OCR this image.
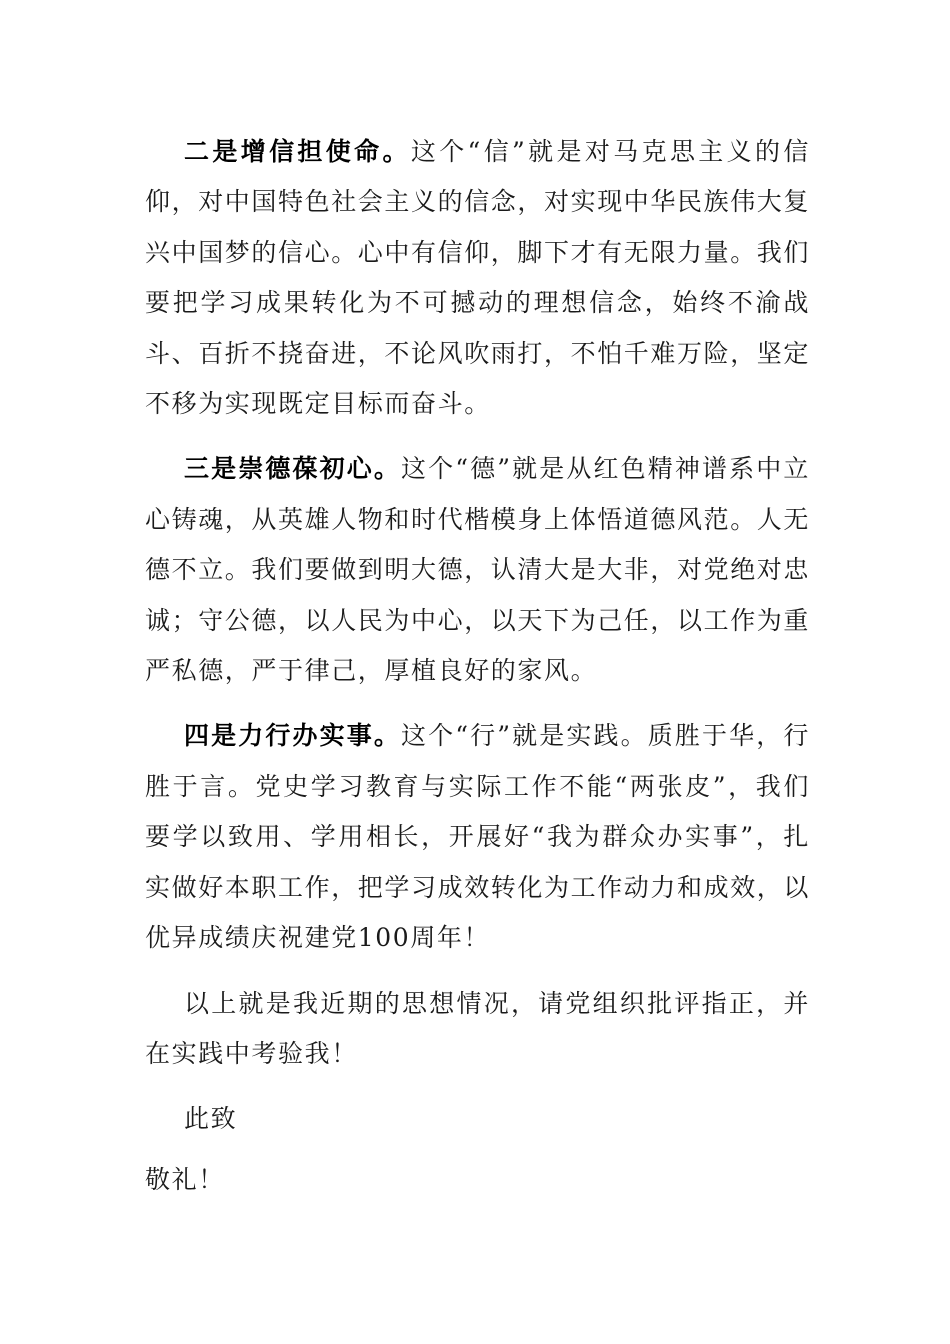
二是增信担使命。这个“信”就是对马克思主义的信仰，对中国特色社会主义的信念，对实现中华民族伟大复兴中国梦的信心。心中有信仰，脚下才有无限力量。我们要把学习成果转化为不可撼动的理想信念，始终不渝战斗、百折不挠奋进，不论风吹雨打，不怕千难万险，坚定不移为实现既定目标而奋斗。

三是崇德葆初心。这个“德”就是从红色精神谱系中立心铸魂，从英雄人物和时代楷模身上体悟道德风范。人无德不立。我们要做到明大德，认清大是大非，对党绝对忠诚；守公德，以人民为中心，以天下为己任，以工作为重严私德，严于律己，厚植良好的家风。

四是力行办实事。这个“行”就是实践。质胜于华，行胜于言。党史学习教育与实际工作不能“两张皮”，我们要学以致用、学用相长，开展好“我为群众办实事”，扎实做好本职工作，把学习成效转化为工作动力和成效，以优异成绩庆祝建党100周年！

以上就是我近期的思想情况，请党组织批评指正，并在实践中考验我！

此致

敬礼！
